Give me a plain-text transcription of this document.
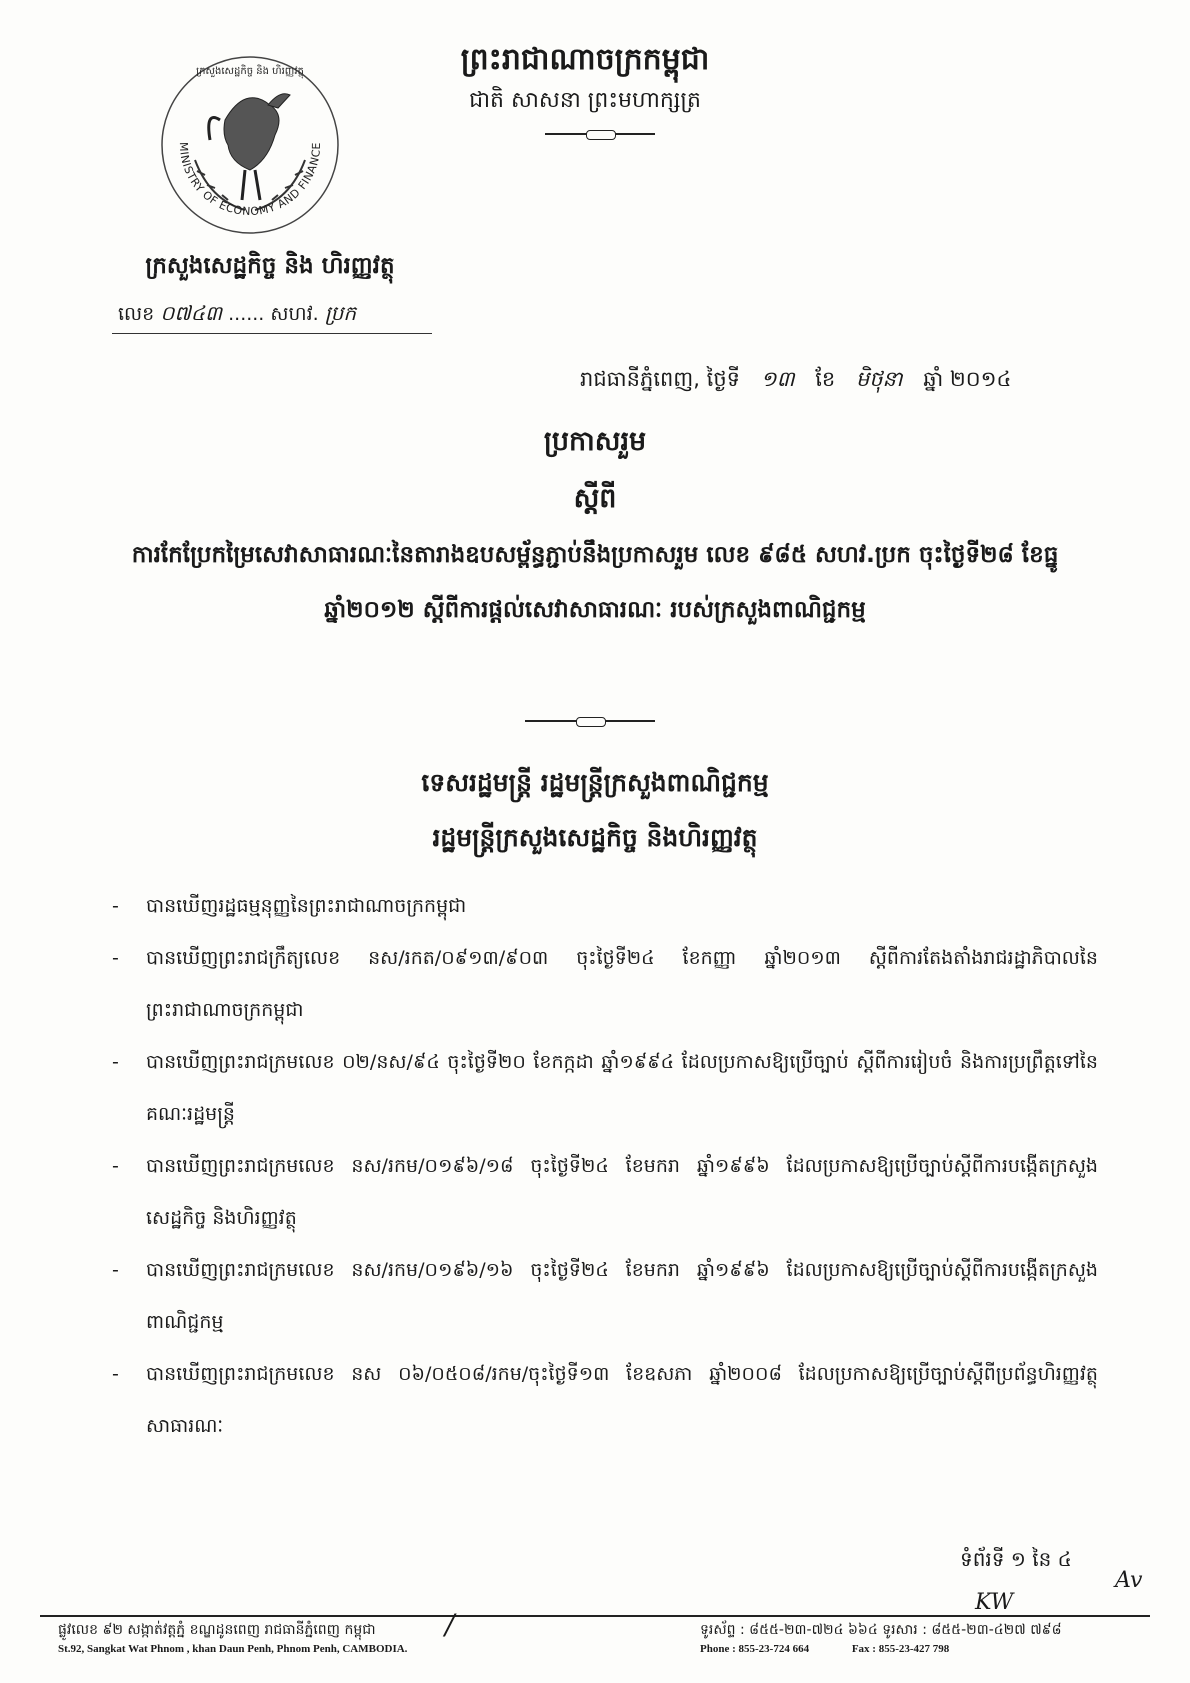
ព្រះរាជាណាចក្រកម្ពុជា
ជាតិ សាសនា ព្រះមហាក្សត្រ
MINISTRY OF ECONOMY AND FINANCE
ក្រសួងសេដ្ឋកិច្ច និង ហិរញ្ញវត្ថុ
ក្រសួងសេដ្ឋកិច្ច និង ហិរញ្ញវត្ថុ
លេខ ០៧៤៣ ...... សហវ. ប្រក
រាជធានីភ្នំពេញ, ថ្ងៃទី ១៣ ខែ មិថុនា ឆ្នាំ ២០១៤
ប្រកាសរួម
ស្តីពី
ការកែប្រែកម្រៃសេវាសាធារណៈនៃតារាងឧបសម្ព័ន្ធភ្ជាប់នឹងប្រកាសរួម លេខ ៩៨៥ សហវ.ប្រក ចុះថ្ងៃទី២៨ ខែធ្នូ ឆ្នាំ២០១២ ស្តីពីការផ្តល់សេវាសាធារណៈ របស់ក្រសួងពាណិជ្ជកម្ម
ទេសរដ្ឋមន្ត្រី រដ្ឋមន្ត្រីក្រសួងពាណិជ្ជកម្ម
រដ្ឋមន្ត្រីក្រសួងសេដ្ឋកិច្ច និងហិរញ្ញវត្ថុ
- បានឃើញរដ្ឋធម្មនុញ្ញនៃព្រះរាជាណាចក្រកម្ពុជា
- បានឃើញព្រះរាជក្រឹត្យលេខ នស/រកត/០៩១៣/៩០៣ ចុះថ្ងៃទី២៤ ខែកញ្ញា ឆ្នាំ២០១៣ ស្តីពីការតែងតាំងរាជរដ្ឋាភិបាលនៃព្រះរាជាណាចក្រកម្ពុជា
- បានឃើញព្រះរាជក្រមលេខ ០២/នស/៩៤ ចុះថ្ងៃទី២០ ខែកក្កដា ឆ្នាំ១៩៩៤ ដែលប្រកាសឱ្យប្រើច្បាប់ ស្តីពីការរៀបចំ និងការប្រព្រឹត្តទៅនៃគណៈរដ្ឋមន្ត្រី
- បានឃើញព្រះរាជក្រមលេខ នស/រកម/០១៩៦/១៨ ចុះថ្ងៃទី២៤ ខែមករា ឆ្នាំ១៩៩៦ ដែលប្រកាសឱ្យប្រើច្បាប់ស្តីពីការបង្កើតក្រសួងសេដ្ឋកិច្ច និងហិរញ្ញវត្ថុ
- បានឃើញព្រះរាជក្រមលេខ នស/រកម/០១៩៦/១៦ ចុះថ្ងៃទី២៤ ខែមករា ឆ្នាំ១៩៩៦ ដែលប្រកាសឱ្យប្រើច្បាប់ស្តីពីការបង្កើតក្រសួងពាណិជ្ជកម្ម
- បានឃើញព្រះរាជក្រមលេខ នស ០៦/០៥០៨/រកម/ចុះថ្ងៃទី១៣ ខែឧសភា ឆ្នាំ២០០៨ ដែលប្រកាសឱ្យប្រើច្បាប់ស្តីពីប្រព័ន្ធហិរញ្ញវត្ថុសាធារណៈ
ទំព័រទី ១ នៃ ៤
Av
KW
/
ផ្លូវលេខ ៩២ សង្កាត់វត្តភ្នំ ខណ្ឌដូនពេញ រាជធានីភ្នំពេញ កម្ពុជា
St.92, Sangkat Wat Phnom , khan Daun Penh, Phnom Penh, CAMBODIA.
ទូរស័ព្ទ : ៨៥៥-២៣-៧២៤ ៦៦៤ ទូរសារ : ៨៥៥-២៣-៤២៧ ៧៩៨
Phone : 855-23-724 664	Fax : 855-23-427 798
